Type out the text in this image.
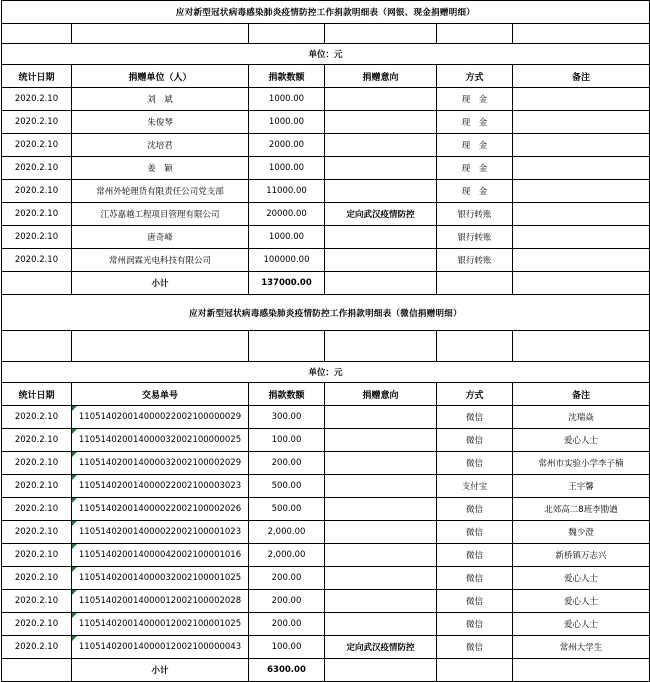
应对新型冠状病毒感染肺炎疫情防控工作捐款明细表（网银、现金捐赠明细）					

单位：元					
统计日期	捐赠单位（人）	捐款数额	捐赠意向	方式	备注
2020.2.10	刘　斌	1000.00		现　金	
2020.2.10	朱俊琴	1000.00		现　金	
2020.2.10	沈培君	2000.00		现　金	
2020.2.10	姜　颖	1000.00		现　金	
2020.2.10	常州外轮理货有限责任公司党支部	11000.00		现　金	
2020.2.10	江苏嘉越工程项目管理有限公司	20000.00	定向武汉疫情防控	银行转账	
2020.2.10	唐奇峰	1000.00		银行转账	
2020.2.10	常州润霖光电科技有限公司	100000.00		银行转账	
	小计	137000.00			
应对新型冠状病毒感染肺炎疫情防控工作捐款明细表（微信捐赠明细）					

单位：元					
统计日期	交易单号	捐款数额	捐赠意向	方式	备注
2020.2.10	110514020014000022002100000029	300.00		微信	沈瑞焱
2020.2.10	110514020014000032002100000025	100.00		微信	爱心人士
2020.2.10	110514020014000032002100002029	200.00		微信	常州市实验小学李子楠
2020.2.10	110514020014000022002100003023	500.00		支付宝	王宇馨
2020.2.10	110514020014000022002100002026	500.00		微信	北郊高二8班李勖遒
2020.2.10	110514020014000022002100001023	2,000.00		微信	魏少澄
2020.2.10	110514020014000042002100001016	2,000.00		微信	新桥镇万志兴
2020.2.10	110514020014000032002100001025	200.00		微信	爱心人士
2020.2.10	110514020014000012002100002028	200.00		微信	爱心人士
2020.2.10	110514020014000012002100001025	200.00		微信	爱心人士
2020.2.10	110514020014000012002100000043	100.00	定向武汉疫情防控	微信	常州大学生
	小计	6300.00			
